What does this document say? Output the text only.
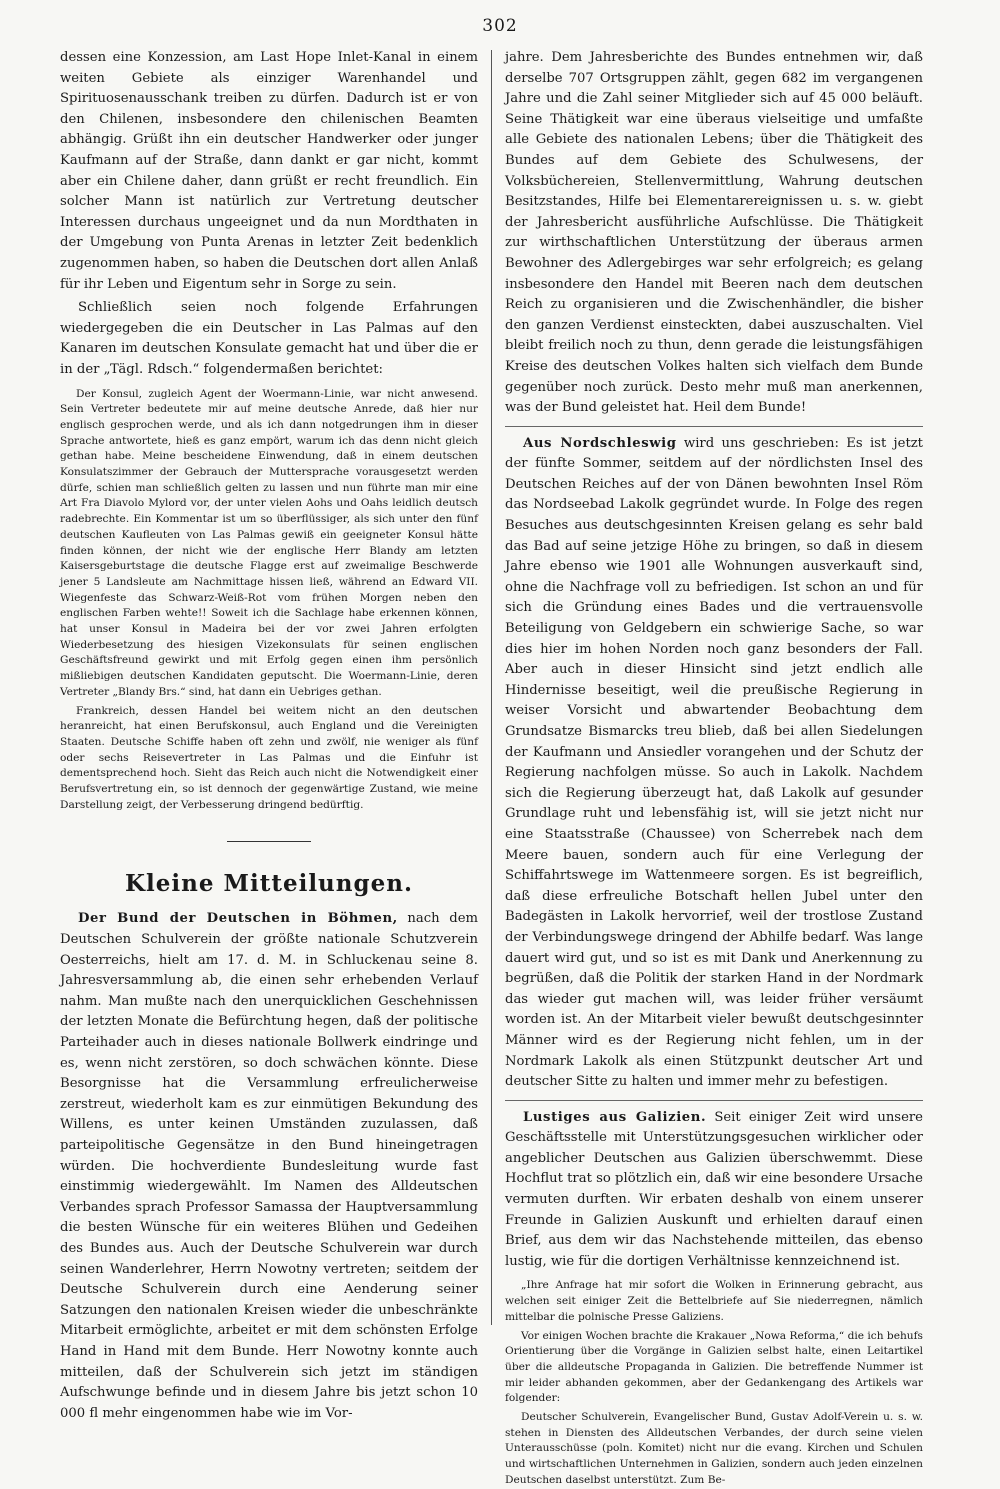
302

dessen eine Konzession, am Last Hope Inlet-Kanal in einem weiten Gebiete als einziger Warenhandel und Spirituosenausschank treiben zu dürfen. Dadurch ist er von den Chilenen, insbesondere den chilenischen Beamten abhängig. Grüßt ihn ein deutscher Handwerker oder junger Kaufmann auf der Straße, dann dankt er gar nicht, kommt aber ein Chilene daher, dann grüßt er recht freundlich. Ein solcher Mann ist natürlich zur Vertretung deutscher Interessen durchaus ungeeignet und da nun Mordthaten in der Umgebung von Punta Arenas in letzter Zeit bedenklich zugenommen haben, so haben die Deutschen dort allen Anlaß für ihr Leben und Eigentum sehr in Sorge zu sein.

Schließlich seien noch folgende Erfahrungen wiedergegeben die ein Deutscher in Las Palmas auf den Kanaren im deutschen Konsulate gemacht hat und über die er in der „Tägl. Rdsch.“ folgendermaßen berichtet:

Der Konsul, zugleich Agent der Woermann-Linie, war nicht anwesend. Sein Vertreter bedeutete mir auf meine deutsche Anrede, daß hier nur englisch gesprochen werde, und als ich dann notgedrungen ihm in dieser Sprache antwortete, hieß es ganz empört, warum ich das denn nicht gleich gethan habe. Meine bescheidene Einwendung, daß in einem deutschen Konsulatszimmer der Gebrauch der Muttersprache vorausgesetzt werden dürfe, schien man schließlich gelten zu lassen und nun führte man mir eine Art Fra Diavolo Mylord vor, der unter vielen Aohs und Oahs leidlich deutsch radebrechte. Ein Kommentar ist um so überflüssiger, als sich unter den fünf deutschen Kaufleuten von Las Palmas gewiß ein geeigneter Konsul hätte finden können, der nicht wie der englische Herr Blandy am letzten Kaisersgeburtstage die deutsche Flagge erst auf zweimalige Beschwerde jener 5 Landsleute am Nachmittage hissen ließ, während an Edward VII. Wiegenfeste das Schwarz-Weiß-Rot vom frühen Morgen neben den englischen Farben wehte!! Soweit ich die Sachlage habe erkennen können, hat unser Konsul in Madeira bei der vor zwei Jahren erfolgten Wiederbesetzung des hiesigen Vizekonsulats für seinen englischen Geschäftsfreund gewirkt und mit Erfolg gegen einen ihm persönlich mißliebigen deutschen Kandidaten geputscht. Die Woermann-Linie, deren Vertreter „Blandy Brs.“ sind, hat dann ein Uebriges gethan.

Frankreich, dessen Handel bei weitem nicht an den deutschen heranreicht, hat einen Berufskonsul, auch England und die Vereinigten Staaten. Deutsche Schiffe haben oft zehn und zwölf, nie weniger als fünf oder sechs Reisevertreter in Las Palmas und die Einfuhr ist dementsprechend hoch. Sieht das Reich auch nicht die Notwendigkeit einer Berufsvertretung ein, so ist dennoch der gegenwärtige Zustand, wie meine Darstellung zeigt, der Verbesserung dringend bedürftig.

Kleine Mitteilungen.

Der Bund der Deutschen in Böhmen, nach dem Deutschen Schulverein der größte nationale Schutzverein Oesterreichs, hielt am 17. d. M. in Schluckenau seine 8. Jahresversammlung ab, die einen sehr erhebenden Verlauf nahm. Man mußte nach den unerquicklichen Geschehnissen der letzten Monate die Befürchtung hegen, daß der politische Parteihader auch in dieses nationale Bollwerk eindringe und es, wenn nicht zerstören, so doch schwächen könnte. Diese Besorgnisse hat die Versammlung erfreulicherweise zerstreut, wiederholt kam es zur einmütigen Bekundung des Willens, es unter keinen Umständen zuzulassen, daß parteipolitische Gegensätze in den Bund hineingetragen würden. Die hochverdiente Bundesleitung wurde fast einstimmig wiedergewählt. Im Namen des Alldeutschen Verbandes sprach Professor Samassa der Hauptversammlung die besten Wünsche für ein weiteres Blühen und Gedeihen des Bundes aus. Auch der Deutsche Schulverein war durch seinen Wanderlehrer, Herrn Nowotny vertreten; seitdem der Deutsche Schulverein durch eine Aenderung seiner Satzungen den nationalen Kreisen wieder die unbeschränkte Mitarbeit ermöglichte, arbeitet er mit dem schönsten Erfolge Hand in Hand mit dem Bunde. Herr Nowotny konnte auch mitteilen, daß der Schulverein sich jetzt im ständigen Aufschwunge befinde und in diesem Jahre bis jetzt schon 10 000 fl mehr eingenommen habe wie im Vor-

jahre. Dem Jahresberichte des Bundes entnehmen wir, daß derselbe 707 Ortsgruppen zählt, gegen 682 im vergangenen Jahre und die Zahl seiner Mitglieder sich auf 45 000 beläuft. Seine Thätigkeit war eine überaus vielseitige und umfaßte alle Gebiete des nationalen Lebens; über die Thätigkeit des Bundes auf dem Gebiete des Schulwesens, der Volksbüchereien, Stellenvermittlung, Wahrung deutschen Besitzstandes, Hilfe bei Elementarereignissen u. s. w. giebt der Jahresbericht ausführliche Aufschlüsse. Die Thätigkeit zur wirthschaftlichen Unterstützung der überaus armen Bewohner des Adlergebirges war sehr erfolgreich; es gelang insbesondere den Handel mit Beeren nach dem deutschen Reich zu organisieren und die Zwischenhändler, die bisher den ganzen Verdienst einsteckten, dabei auszuschalten. Viel bleibt freilich noch zu thun, denn gerade die leistungsfähigen Kreise des deutschen Volkes halten sich vielfach dem Bunde gegenüber noch zurück. Desto mehr muß man anerkennen, was der Bund geleistet hat. Heil dem Bunde!

Aus Nordschleswig wird uns geschrieben: Es ist jetzt der fünfte Sommer, seitdem auf der nördlichsten Insel des Deutschen Reiches auf der von Dänen bewohnten Insel Röm das Nordseebad Lakolk gegründet wurde. In Folge des regen Besuches aus deutschgesinnten Kreisen gelang es sehr bald das Bad auf seine jetzige Höhe zu bringen, so daß in diesem Jahre ebenso wie 1901 alle Wohnungen ausverkauft sind, ohne die Nachfrage voll zu befriedigen. Ist schon an und für sich die Gründung eines Bades und die vertrauensvolle Beteiligung von Geldgebern ein schwierige Sache, so war dies hier im hohen Norden noch ganz besonders der Fall. Aber auch in dieser Hinsicht sind jetzt endlich alle Hindernisse beseitigt, weil die preußische Regierung in weiser Vorsicht und abwartender Beobachtung dem Grundsatze Bismarcks treu blieb, daß bei allen Siedelungen der Kaufmann und Ansiedler vorangehen und der Schutz der Regierung nachfolgen müsse. So auch in Lakolk. Nachdem sich die Regierung überzeugt hat, daß Lakolk auf gesunder Grundlage ruht und lebensfähig ist, will sie jetzt nicht nur eine Staatsstraße (Chaussee) von Scherrebek nach dem Meere bauen, sondern auch für eine Verlegung der Schiffahrtswege im Wattenmeere sorgen. Es ist begreiflich, daß diese erfreuliche Botschaft hellen Jubel unter den Badegästen in Lakolk hervorrief, weil der trostlose Zustand der Verbindungswege dringend der Abhilfe bedarf. Was lange dauert wird gut, und so ist es mit Dank und Anerkennung zu begrüßen, daß die Politik der starken Hand in der Nordmark das wieder gut machen will, was leider früher versäumt worden ist. An der Mitarbeit vieler bewußt deutschgesinnter Männer wird es der Regierung nicht fehlen, um in der Nordmark Lakolk als einen Stützpunkt deutscher Art und deutscher Sitte zu halten und immer mehr zu befestigen.

Lustiges aus Galizien. Seit einiger Zeit wird unsere Geschäftsstelle mit Unterstützungsgesuchen wirklicher oder angeblicher Deutschen aus Galizien überschwemmt. Diese Hochflut trat so plötzlich ein, daß wir eine besondere Ursache vermuten durften. Wir erbaten deshalb von einem unserer Freunde in Galizien Auskunft und erhielten darauf einen Brief, aus dem wir das Nachstehende mitteilen, das ebenso lustig, wie für die dortigen Verhältnisse kennzeichnend ist.

„Ihre Anfrage hat mir sofort die Wolken in Erinnerung gebracht, aus welchen seit einiger Zeit die Bettelbriefe auf Sie niederregnen, nämlich mittelbar die polnische Presse Galiziens.

Vor einigen Wochen brachte die Krakauer „Nowa Reforma,“ die ich behufs Orientierung über die Vorgänge in Galizien selbst halte, einen Leitartikel über die alldeutsche Propaganda in Galizien. Die betreffende Nummer ist mir leider abhanden gekommen, aber der Gedankengang des Artikels war folgender:

Deutscher Schulverein, Evangelischer Bund, Gustav Adolf-Verein u. s. w. stehen in Diensten des Alldeutschen Verbandes, der durch seine vielen Unterausschüsse (poln. Komitet) nicht nur die evang. Kirchen und Schulen und wirtschaftlichen Unternehmen in Galizien, sondern auch jeden einzelnen Deutschen daselbst unterstützt. Zum Be-
